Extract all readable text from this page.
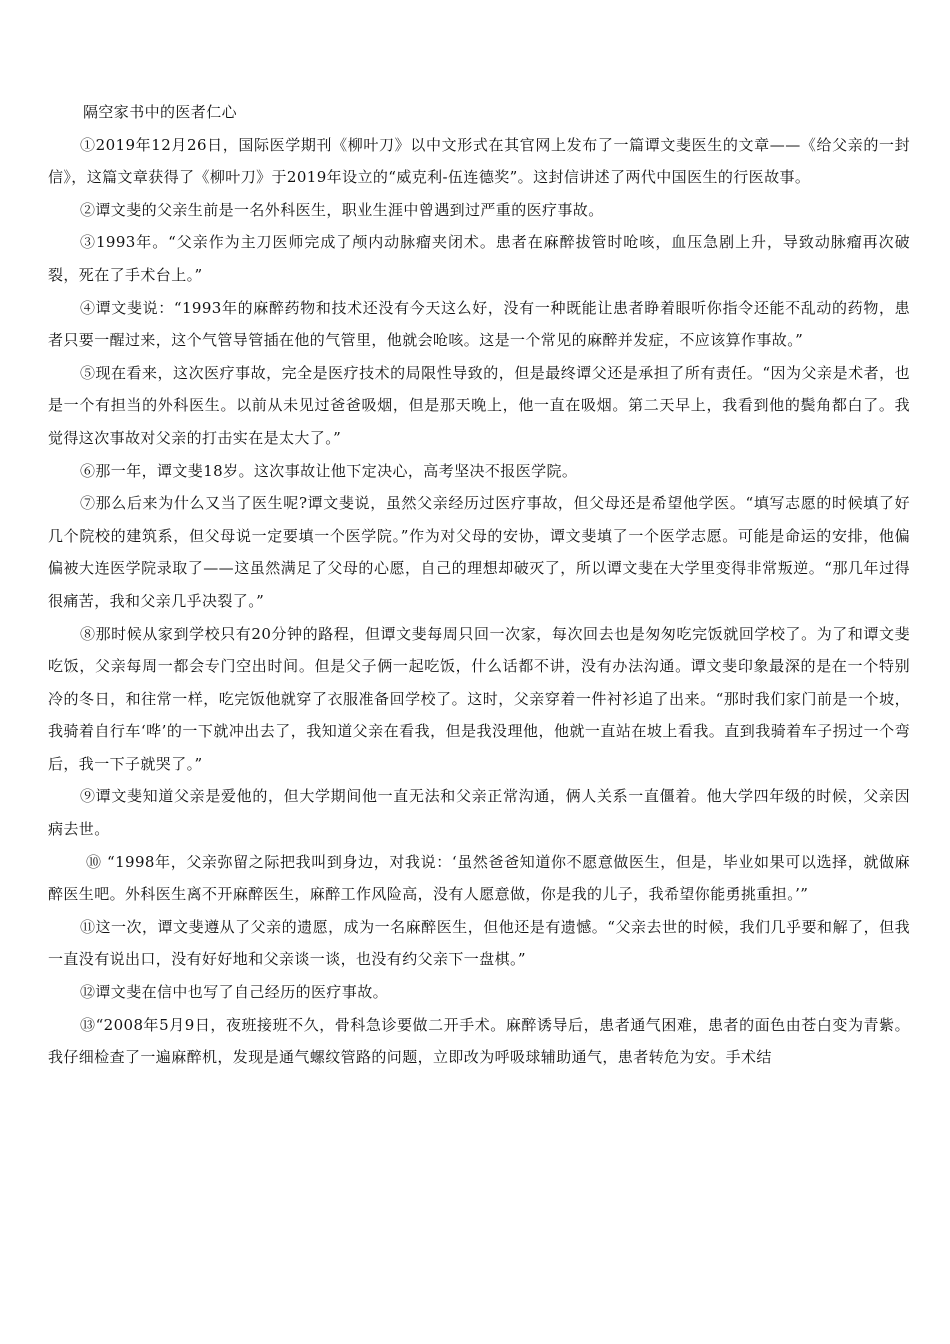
隔空家书中的医者仁心

①2019年12月26日，国际医学期刊《柳叶刀》以中文形式在其官网上发布了一篇谭文斐医生的文章——《给父亲的一封信》，这篇文章获得了《柳叶刀》于2019年设立的“威克利-伍连德奖”。这封信讲述了两代中国医生的行医故事。

②谭文斐的父亲生前是一名外科医生，职业生涯中曾遇到过严重的医疗事故。

③1993年。“父亲作为主刀医师完成了颅内动脉瘤夹闭术。患者在麻醉拔管时呛咳，血压急剧上升，导致动脉瘤再次破裂，死在了手术台上。”

④谭文斐说：“1993年的麻醉药物和技术还没有今天这么好，没有一种既能让患者睁着眼听你指令还能不乱动的药物，患者只要一醒过来，这个气管导管插在他的气管里，他就会呛咳。这是一个常见的麻醉并发症，不应该算作事故。”

⑤现在看来，这次医疗事故，完全是医疗技术的局限性导致的，但是最终谭父还是承担了所有责任。“因为父亲是术者，也是一个有担当的外科医生。以前从未见过爸爸吸烟，但是那天晚上，他一直在吸烟。第二天早上，我看到他的鬓角都白了。我觉得这次事故对父亲的打击实在是太大了。”

⑥那一年，谭文斐18岁。这次事故让他下定决心，高考坚决不报医学院。

⑦那么后来为什么又当了医生呢?谭文斐说，虽然父亲经历过医疗事故，但父母还是希望他学医。“填写志愿的时候填了好几个院校的建筑系，但父母说一定要填一个医学院。”作为对父母的安协，谭文斐填了一个医学志愿。可能是命运的安排，他偏偏被大连医学院录取了——这虽然满足了父母的心愿，自己的理想却破灭了，所以谭文斐在大学里变得非常叛逆。“那几年过得很痛苦，我和父亲几乎决裂了。”

⑧那时候从家到学校只有20分钟的路程，但谭文斐每周只回一次家，每次回去也是匆匆吃完饭就回学校了。为了和谭文斐吃饭，父亲每周一都会专门空出时间。但是父子俩一起吃饭，什么话都不讲，没有办法沟通。谭文斐印象最深的是在一个特别冷的冬日，和往常一样，吃完饭他就穿了衣服准备回学校了。这时，父亲穿着一件衬衫追了出来。“那时我们家门前是一个坡，我骑着自行车‘哗’的一下就冲出去了，我知道父亲在看我，但是我没理他，他就一直站在坡上看我。直到我骑着车子拐过一个弯后，我一下子就哭了。”

⑨谭文斐知道父亲是爱他的，但大学期间他一直无法和父亲正常沟通，俩人关系一直僵着。他大学四年级的时候，父亲因病去世。

⑩ “1998年，父亲弥留之际把我叫到身边，对我说：‘虽然爸爸知道你不愿意做医生，但是，毕业如果可以选择，就做麻醉医生吧。外科医生离不开麻醉医生，麻醉工作风险高，没有人愿意做，你是我的儿子，我希望你能勇挑重担。’”

⑪这一次，谭文斐遵从了父亲的遗愿，成为一名麻醉医生，但他还是有遗憾。“父亲去世的时候，我们几乎要和解了，但我一直没有说出口，没有好好地和父亲谈一谈，也没有约父亲下一盘棋。”

⑫谭文斐在信中也写了自己经历的医疗事故。

⑬“2008年5月9日，夜班接班不久，骨科急诊要做二开手术。麻醉诱导后，患者通气困难，患者的面色由苍白变为青紫。我仔细检查了一遍麻醉机，发现是通气螺纹管路的问题，立即改为呼吸球辅助通气，患者转危为安。手术结
